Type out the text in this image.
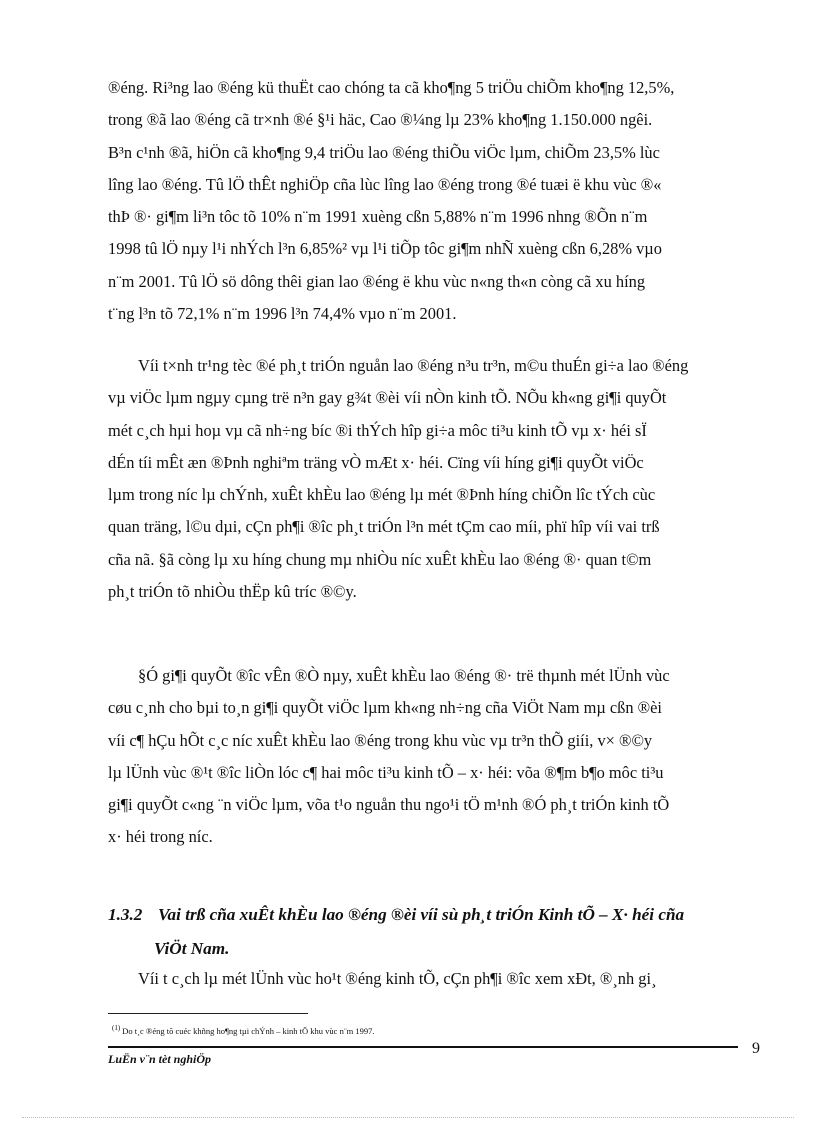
®éng. Ri³ng lao ®éng kü thuËt cao chóng ta cã kho¶ng 5 triÖu chiÕm kho¶ng 12,5%,
trong ®ã lao ®éng cã tr×nh ®é §¹i häc, Cao ®¼ng lµ 23% kho¶ng 1.150.000 ngêi.
B³n c¹nh ®ã, hiÖn cã kho¶ng 9,4 triÖu lao ®éng thiÕu viÖc lµm, chiÕm 23,5% lùc
lîng lao ®éng. Tû lÖ thÊt nghiÖp cña lùc lîng lao ®éng trong ®é tuæi ë khu vùc ®«
thÞ ®· gi¶m li³n tôc tõ 10% n¨m 1991 xuèng cßn 5,88% n¨m 1996 nhng ®Õn n¨m
1998 tû lÖ nµy l¹i nhÝch l³n 6,85%² vµ l¹i tiÕp tôc gi¶m nhÑ xuèng cßn 6,28% vµo
n¨m 2001. Tû lÖ sö dông thêi gian lao ®éng ë khu vùc n«ng th«n còng cã xu híng
t¨ng l³n tõ 72,1% n¨m 1996 l³n 74,4% vµo n¨m 2001.
Víi t×nh tr¹ng tèc ®é ph¸t triÓn nguån lao ®éng n³u tr³n, m©u thuÉn gi÷a lao ®éng
vµ viÖc lµm ngµy cµng trë n³n gay g¾t ®èi víi nÒn kinh tÕ. NÕu kh«ng gi¶i quyÕt
mét c¸ch hµi hoµ vµ cã nh÷ng bíc ®i thÝch hîp gi÷a môc ti³u kinh tÕ vµ x· héi sÏ
dÉn tíi mÊt æn ®Þnh nghiªm träng vÒ mÆt x· héi. Cïng víi híng gi¶i quyÕt viÖc
lµm trong níc lµ chÝnh, xuÊt khÈu lao ®éng lµ mét ®Þnh híng chiÕn lîc tÝch cùc
quan träng, l©u dµi, cÇn ph¶i ®îc ph¸t triÓn l³n mét tÇm cao míi, phï hîp víi vai trß
cña nã. §ã còng lµ xu híng chung mµ nhiÒu níc xuÊt khÈu lao ®éng ®· quan t©m
ph¸t triÓn tõ nhiÒu thËp kû tríc ®©y.
§Ó gi¶i quyÕt ®îc vÊn ®Ò nµy, xuÊt khÈu lao ®éng ®· trë thµnh mét lÜnh vùc
cøu c¸nh cho bµi to¸n gi¶i quyÕt viÖc lµm kh«ng nh÷ng cña ViÖt Nam mµ cßn ®èi
víi c¶ hÇu hÕt c¸c níc xuÊt khÈu lao ®éng trong khu vùc vµ tr³n thÕ giíi, v× ®©y
lµ lÜnh vùc ®¹t ®îc liÒn lóc c¶ hai môc ti³u kinh tÕ – x· héi: võa ®¶m b¶o môc ti³u
gi¶i quyÕt c«ng ¨n viÖc lµm, võa t¹o nguån thu ngo¹i tÖ m¹nh ®Ó ph¸t triÓn kinh tÕ
x· héi trong níc.
1.3.2 Vai trß cña xuÊt khÈu lao ®éng ®èi víi sù ph¸t triÓn Kinh tÕ – X· héi cña
ViÖt Nam.
Víi t c¸ch lµ mét lÜnh vùc ho¹t ®éng kinh tÕ, cÇn ph¶i ®îc xem xÐt, ®¸nh gi¸
$^{(1)}$ Do t¸c ®éng tõ cuéc khñng ho¶ng tµi chÝnh – kinh tÕ khu vùc n¨m 1997.
9
LuËn v¨n tèt nghiÖp
